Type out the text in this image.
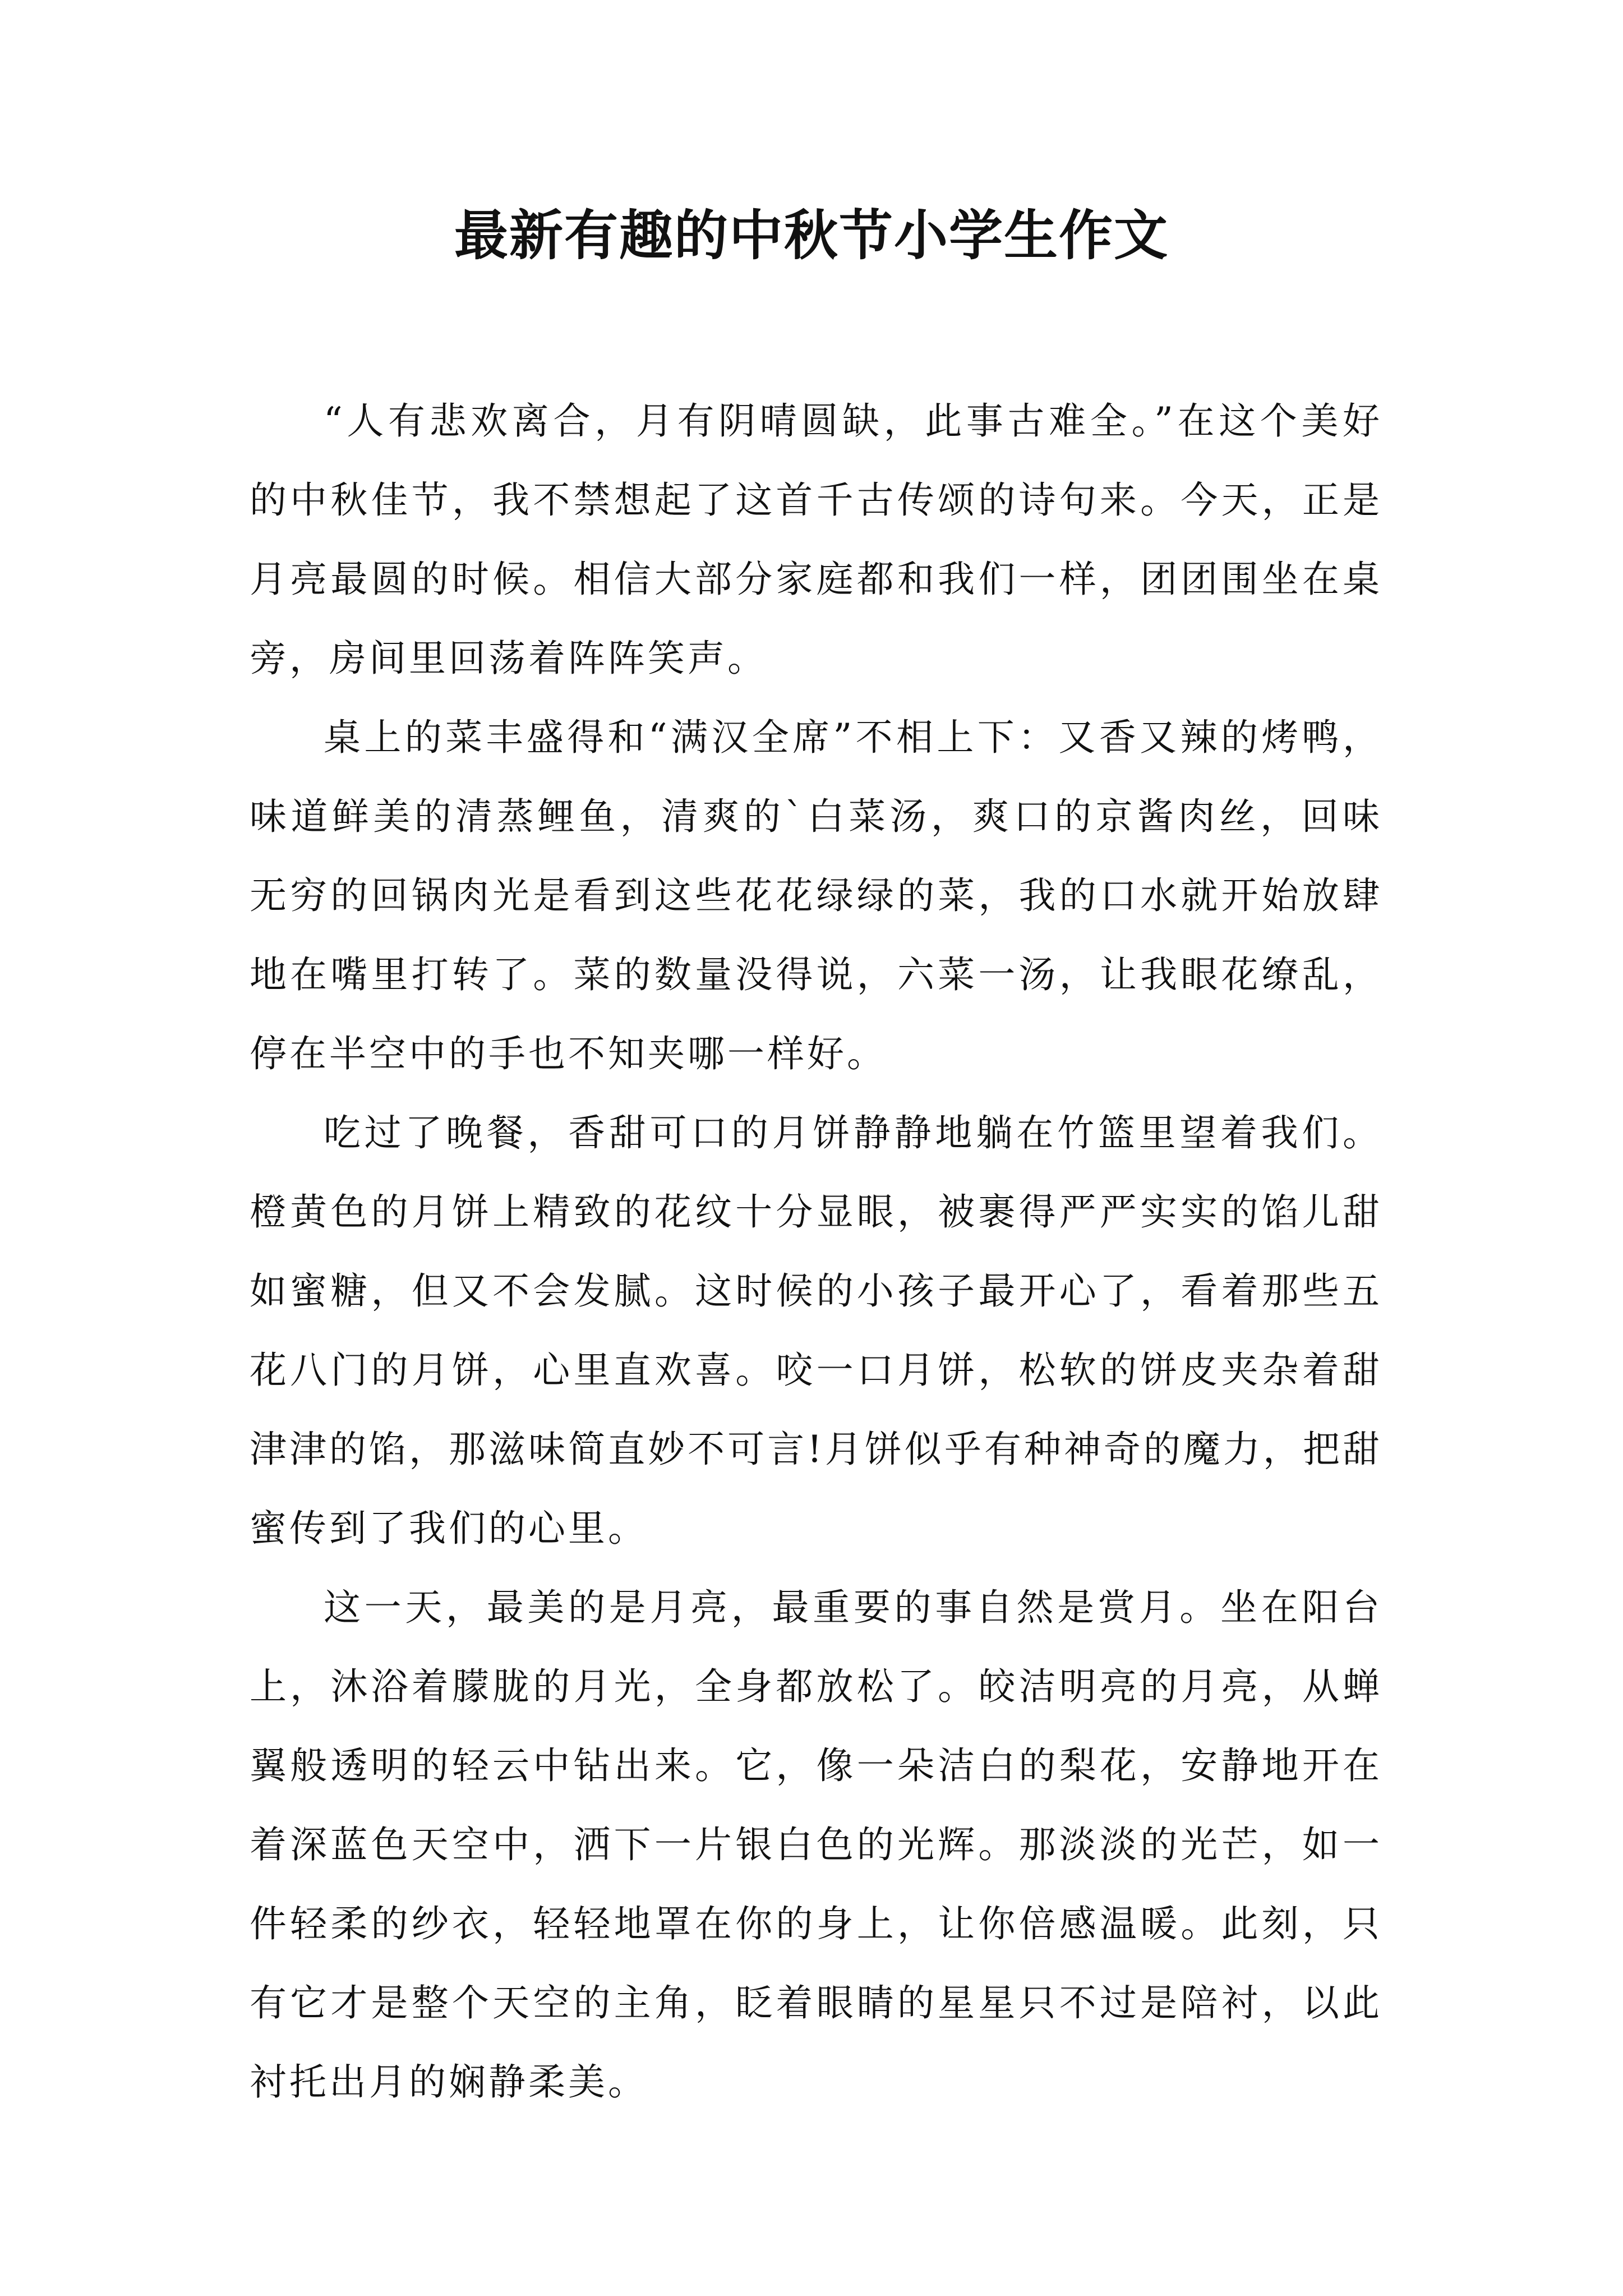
最新有趣的中秋节小学生作文

“人有悲欢离合，月有阴晴圆缺，此事古难全。”在这个美好的中秋佳节，我不禁想起了这首千古传颂的诗句来。今天，正是月亮最圆的时候。相信大部分家庭都和我们一样，团团围坐在桌旁，房间里回荡着阵阵笑声。

桌上的菜丰盛得和“满汉全席”不相上下：又香又辣的烤鸭，味道鲜美的清蒸鲤鱼，清爽的`白菜汤，爽口的京酱肉丝，回味无穷的回锅肉光是看到这些花花绿绿的菜，我的口水就开始放肆地在嘴里打转了。菜的数量没得说，六菜一汤，让我眼花缭乱，停在半空中的手也不知夹哪一样好。

吃过了晚餐，香甜可口的月饼静静地躺在竹篮里望着我们。橙黄色的月饼上精致的花纹十分显眼，被裹得严严实实的馅儿甜如蜜糖，但又不会发腻。这时候的小孩子最开心了，看着那些五花八门的月饼，心里直欢喜。咬一口月饼，松软的饼皮夹杂着甜津津的馅，那滋味简直妙不可言!月饼似乎有种神奇的魔力，把甜蜜传到了我们的心里。

这一天，最美的是月亮，最重要的事自然是赏月。坐在阳台上，沐浴着朦胧的月光，全身都放松了。皎洁明亮的月亮，从蝉翼般透明的轻云中钻出来。它，像一朵洁白的梨花，安静地开在着深蓝色天空中，洒下一片银白色的光辉。那淡淡的光芒，如一件轻柔的纱衣，轻轻地罩在你的身上，让你倍感温暖。此刻，只有它才是整个天空的主角，眨着眼睛的星星只不过是陪衬，以此衬托出月的娴静柔美。
